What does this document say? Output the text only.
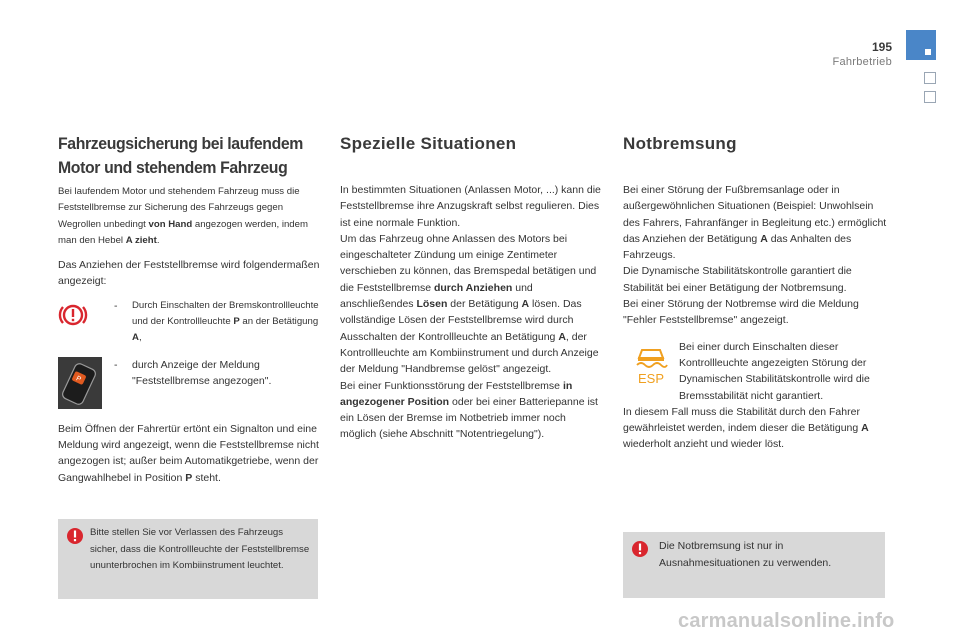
195
Fahrbetrieb
Fahrzeugsicherung bei laufendem Motor und stehendem Fahrzeug

Bei laufendem Motor und stehendem Fahrzeug muss die Feststellbremse zur Sicherung des Fahrzeugs gegen Wegrollen unbedingt von Hand angezogen werden, indem man den Hebel A zieht.

Das Anziehen der Feststellbremse wird folgendermaßen angezeigt:

-	Durch Einschalten der Bremskontrollleuchte und der Kontrollleuchte P an der Betätigung A,
P
-	durch Anzeige der Meldung "Feststellbremse angezogen".

Beim Öffnen der Fahrertür ertönt ein Signalton und eine Meldung wird angezeigt, wenn die Feststellbremse nicht angezogen ist; außer beim Automatikgetriebe, wenn der Gangwahlhebel in Position P steht.

Bitte stellen Sie vor Verlassen des Fahrzeugs sicher, dass die Kontrollleuchte der Feststellbremse ununterbrochen im Kombiinstrument leuchtet.
Spezielle Situationen

In bestimmten Situationen (Anlassen Motor, ...) kann die Feststellbremse ihre Anzugskraft selbst regulieren. Dies ist eine normale Funktion.

Um das Fahrzeug ohne Anlassen des Motors bei eingeschalteter Zündung um einige Zentimeter verschieben zu können, das Bremspedal betätigen und die Feststellbremse durch Anziehen und anschließendes Lösen der Betätigung A lösen. Das vollständige Lösen der Feststellbremse wird durch Ausschalten der Kontrollleuchte an Betätigung A, der Kontrollleuchte am Kombiinstrument und durch Anzeige der Meldung "Handbremse gelöst" angezeigt.

Bei einer Funktionsstörung der Feststellbremse in angezogener Position oder bei einer Batteriepanne ist ein Lösen der Bremse im Notbetrieb immer noch möglich (siehe Abschnitt "Notentriegelung").

Notbremsung

Bei einer Störung der Fußbremsanlage oder in außergewöhnlichen Situationen (Beispiel: Unwohlsein des Fahrers, Fahranfänger in Begleitung etc.) ermöglicht das Anziehen der Betätigung A das Anhalten des Fahrzeugs.

Die Dynamische Stabilitätskontrolle garantiert die Stabilität bei einer Betätigung der Notbremsung.

Bei einer Störung der Notbremse wird die Meldung "Fehler Feststellbremse" angezeigt.

ESP
Bei einer durch Einschalten dieser Kontrollleuchte angezeigten Störung der Dynamischen Stabilitätskontrolle wird die Bremsstabilität nicht garantiert.

In diesem Fall muss die Stabilität durch den Fahrer gewährleistet werden, indem dieser die Betätigung A wiederholt anzieht und wieder löst.

Die Notbremsung ist nur in Ausnahmesituationen zu verwenden.
carmanualsonline.info
